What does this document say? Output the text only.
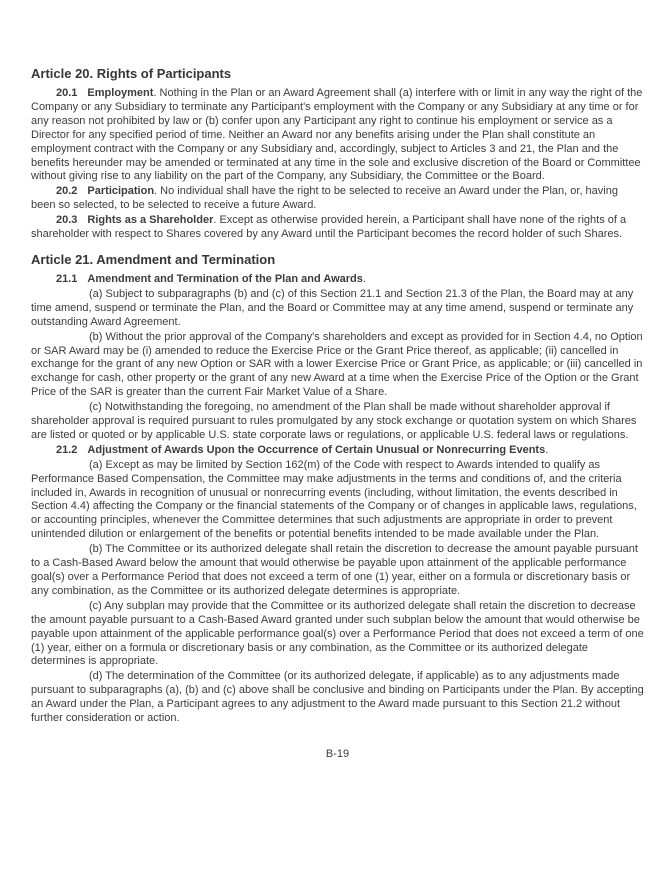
Article 20. Rights of Participants

20.1 Employment. Nothing in the Plan or an Award Agreement shall (a) interfere with or limit in any way the right of the Company or any Subsidiary to terminate any Participant's employment with the Company or any Subsidiary at any time or for any reason not prohibited by law or (b) confer upon any Participant any right to continue his employment or service as a Director for any specified period of time. Neither an Award nor any benefits arising under the Plan shall constitute an employment contract with the Company or any Subsidiary and, accordingly, subject to Articles 3 and 21, the Plan and the benefits hereunder may be amended or terminated at any time in the sole and exclusive discretion of the Board or Committee without giving rise to any liability on the part of the Company, any Subsidiary, the Committee or the Board.

20.2 Participation. No individual shall have the right to be selected to receive an Award under the Plan, or, having been so selected, to be selected to receive a future Award.

20.3 Rights as a Shareholder. Except as otherwise provided herein, a Participant shall have none of the rights of a shareholder with respect to Shares covered by any Award until the Participant becomes the record holder of such Shares.

Article 21. Amendment and Termination

21.1 Amendment and Termination of the Plan and Awards.

(a) Subject to subparagraphs (b) and (c) of this Section 21.1 and Section 21.3 of the Plan, the Board may at any time amend, suspend or terminate the Plan, and the Board or Committee may at any time amend, suspend or terminate any outstanding Award Agreement.

(b) Without the prior approval of the Company's shareholders and except as provided for in Section 4.4, no Option or SAR Award may be (i) amended to reduce the Exercise Price or the Grant Price thereof, as applicable; (ii) cancelled in exchange for the grant of any new Option or SAR with a lower Exercise Price or Grant Price, as applicable; or (iii) cancelled in exchange for cash, other property or the grant of any new Award at a time when the Exercise Price of the Option or the Grant Price of the SAR is greater than the current Fair Market Value of a Share.

(c) Notwithstanding the foregoing, no amendment of the Plan shall be made without shareholder approval if shareholder approval is required pursuant to rules promulgated by any stock exchange or quotation system on which Shares are listed or quoted or by applicable U.S. state corporate laws or regulations, or applicable U.S. federal laws or regulations.

21.2 Adjustment of Awards Upon the Occurrence of Certain Unusual or Nonrecurring Events.

(a) Except as may be limited by Section 162(m) of the Code with respect to Awards intended to qualify as Performance Based Compensation, the Committee may make adjustments in the terms and conditions of, and the criteria included in, Awards in recognition of unusual or nonrecurring events (including, without limitation, the events described in Section 4.4) affecting the Company or the financial statements of the Company or of changes in applicable laws, regulations, or accounting principles, whenever the Committee determines that such adjustments are appropriate in order to prevent unintended dilution or enlargement of the benefits or potential benefits intended to be made available under the Plan.

(b) The Committee or its authorized delegate shall retain the discretion to decrease the amount payable pursuant to a Cash-Based Award below the amount that would otherwise be payable upon attainment of the applicable performance goal(s) over a Performance Period that does not exceed a term of one (1) year, either on a formula or discretionary basis or any combination, as the Committee or its authorized delegate determines is appropriate.

(c) Any subplan may provide that the Committee or its authorized delegate shall retain the discretion to decrease the amount payable pursuant to a Cash-Based Award granted under such subplan below the amount that would otherwise be payable upon attainment of the applicable performance goal(s) over a Performance Period that does not exceed a term of one (1) year, either on a formula or discretionary basis or any combination, as the Committee or its authorized delegate determines is appropriate.

(d) The determination of the Committee (or its authorized delegate, if applicable) as to any adjustments made pursuant to subparagraphs (a), (b) and (c) above shall be conclusive and binding on Participants under the Plan. By accepting an Award under the Plan, a Participant agrees to any adjustment to the Award made pursuant to this Section 21.2 without further consideration or action.

B-19
